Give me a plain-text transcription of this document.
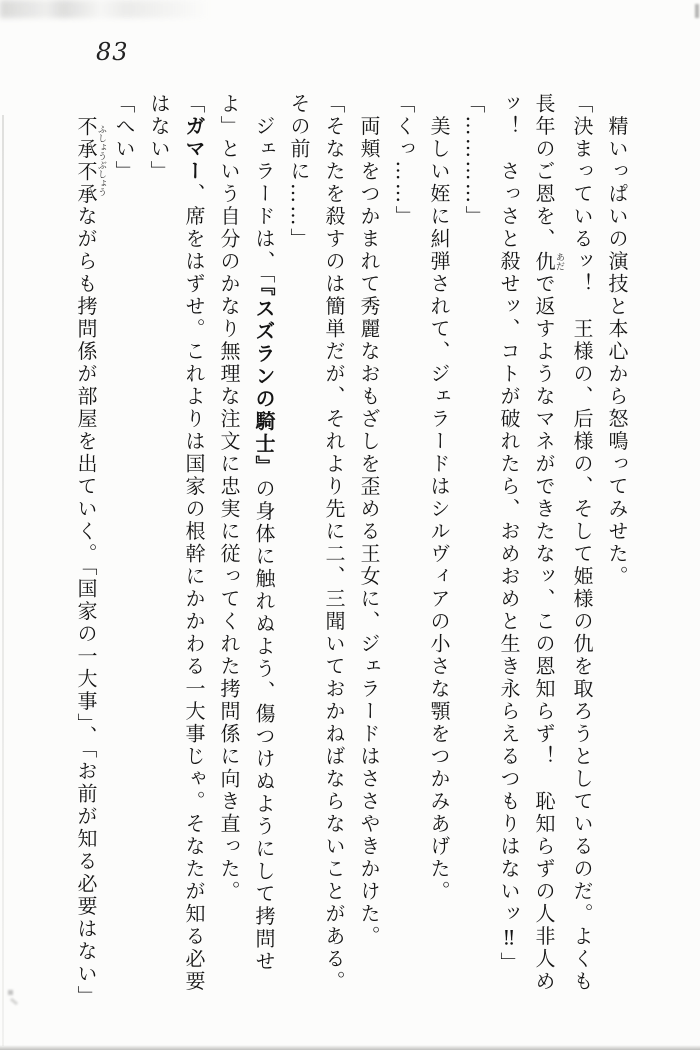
83
　精いっぱいの演技と本心から怒鳴ってみせた。
「決まっているッ！　王様の、后様の、そして姫様の仇を取ろうとしているのだ。よくも
長年のご恩を、仇あだで返すようなマネができたなッ、この恩知らず！　恥知らずの人非人め
ッ！　さっさと殺せッ、コトが破れたら、おめおめと生き永らえるつもりはないッ‼」
「…………」
　美しい姪に糾弾されて、ジェラードはシルヴィアの小さな顎をつかみあげた。
「くっ……」
　両頬をつかまれて秀麗なおもざしを歪める王女に、ジェラードはささやきかけた。
「そなたを殺すのは簡単だが、それより先に二、三聞いておかねばならないことがある。
その前に……」
　ジェラードは、「『スズランの騎士』の身体に触れぬよう、傷つけぬようにして拷問せ
よ」という自分のかなり無理な注文に忠実に従ってくれた拷問係に向き直った。
「ガマー、席をはずせ。これよりは国家の根幹にかかわる一大事じゃ。そなたが知る必要
はない」
「へい」
　不承不承ふしょうぶしょうながらも拷問係が部屋を出ていく。「国家の一大事」、「お前が知る必要はない」
